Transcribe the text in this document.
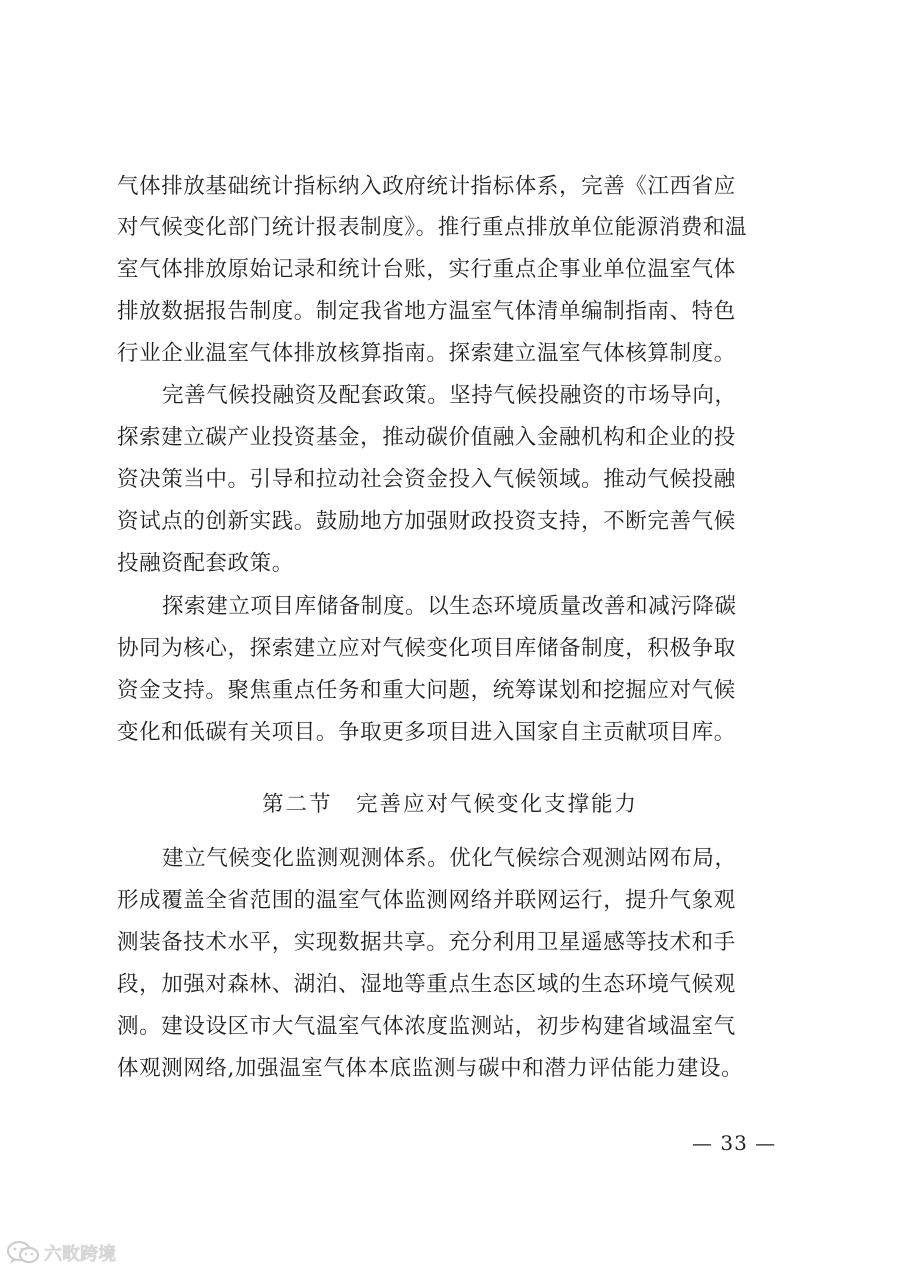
气体排放基础统计指标纳入政府统计指标体系，完善《江西省应
对气候变化部门统计报表制度》。推行重点排放单位能源消费和温
室气体排放原始记录和统计台账，实行重点企事业单位温室气体
排放数据报告制度。制定我省地方温室气体清单编制指南、特色
行业企业温室气体排放核算指南。探索建立温室气体核算制度。
完善气候投融资及配套政策。坚持气候投融资的市场导向，
探索建立碳产业投资基金，推动碳价值融入金融机构和企业的投
资决策当中。引导和拉动社会资金投入气候领域。推动气候投融
资试点的创新实践。鼓励地方加强财政投资支持，不断完善气候
投融资配套政策。
探索建立项目库储备制度。以生态环境质量改善和减污降碳
协同为核心，探索建立应对气候变化项目库储备制度，积极争取
资金支持。聚焦重点任务和重大问题，统筹谋划和挖掘应对气候
变化和低碳有关项目。争取更多项目进入国家自主贡献项目库。
第二节　完善应对气候变化支撑能力
建立气候变化监测观测体系。优化气候综合观测站网布局，
形成覆盖全省范围的温室气体监测网络并联网运行，提升气象观
测装备技术水平，实现数据共享。充分利用卫星遥感等技术和手
段，加强对森林、湖泊、湿地等重点生态区域的生态环境气候观
测。建设设区市大气温室气体浓度监测站，初步构建省域温室气
体观测网络,加强温室气体本底监测与碳中和潜力评估能力建设。
— 33 —
六畋跨境
